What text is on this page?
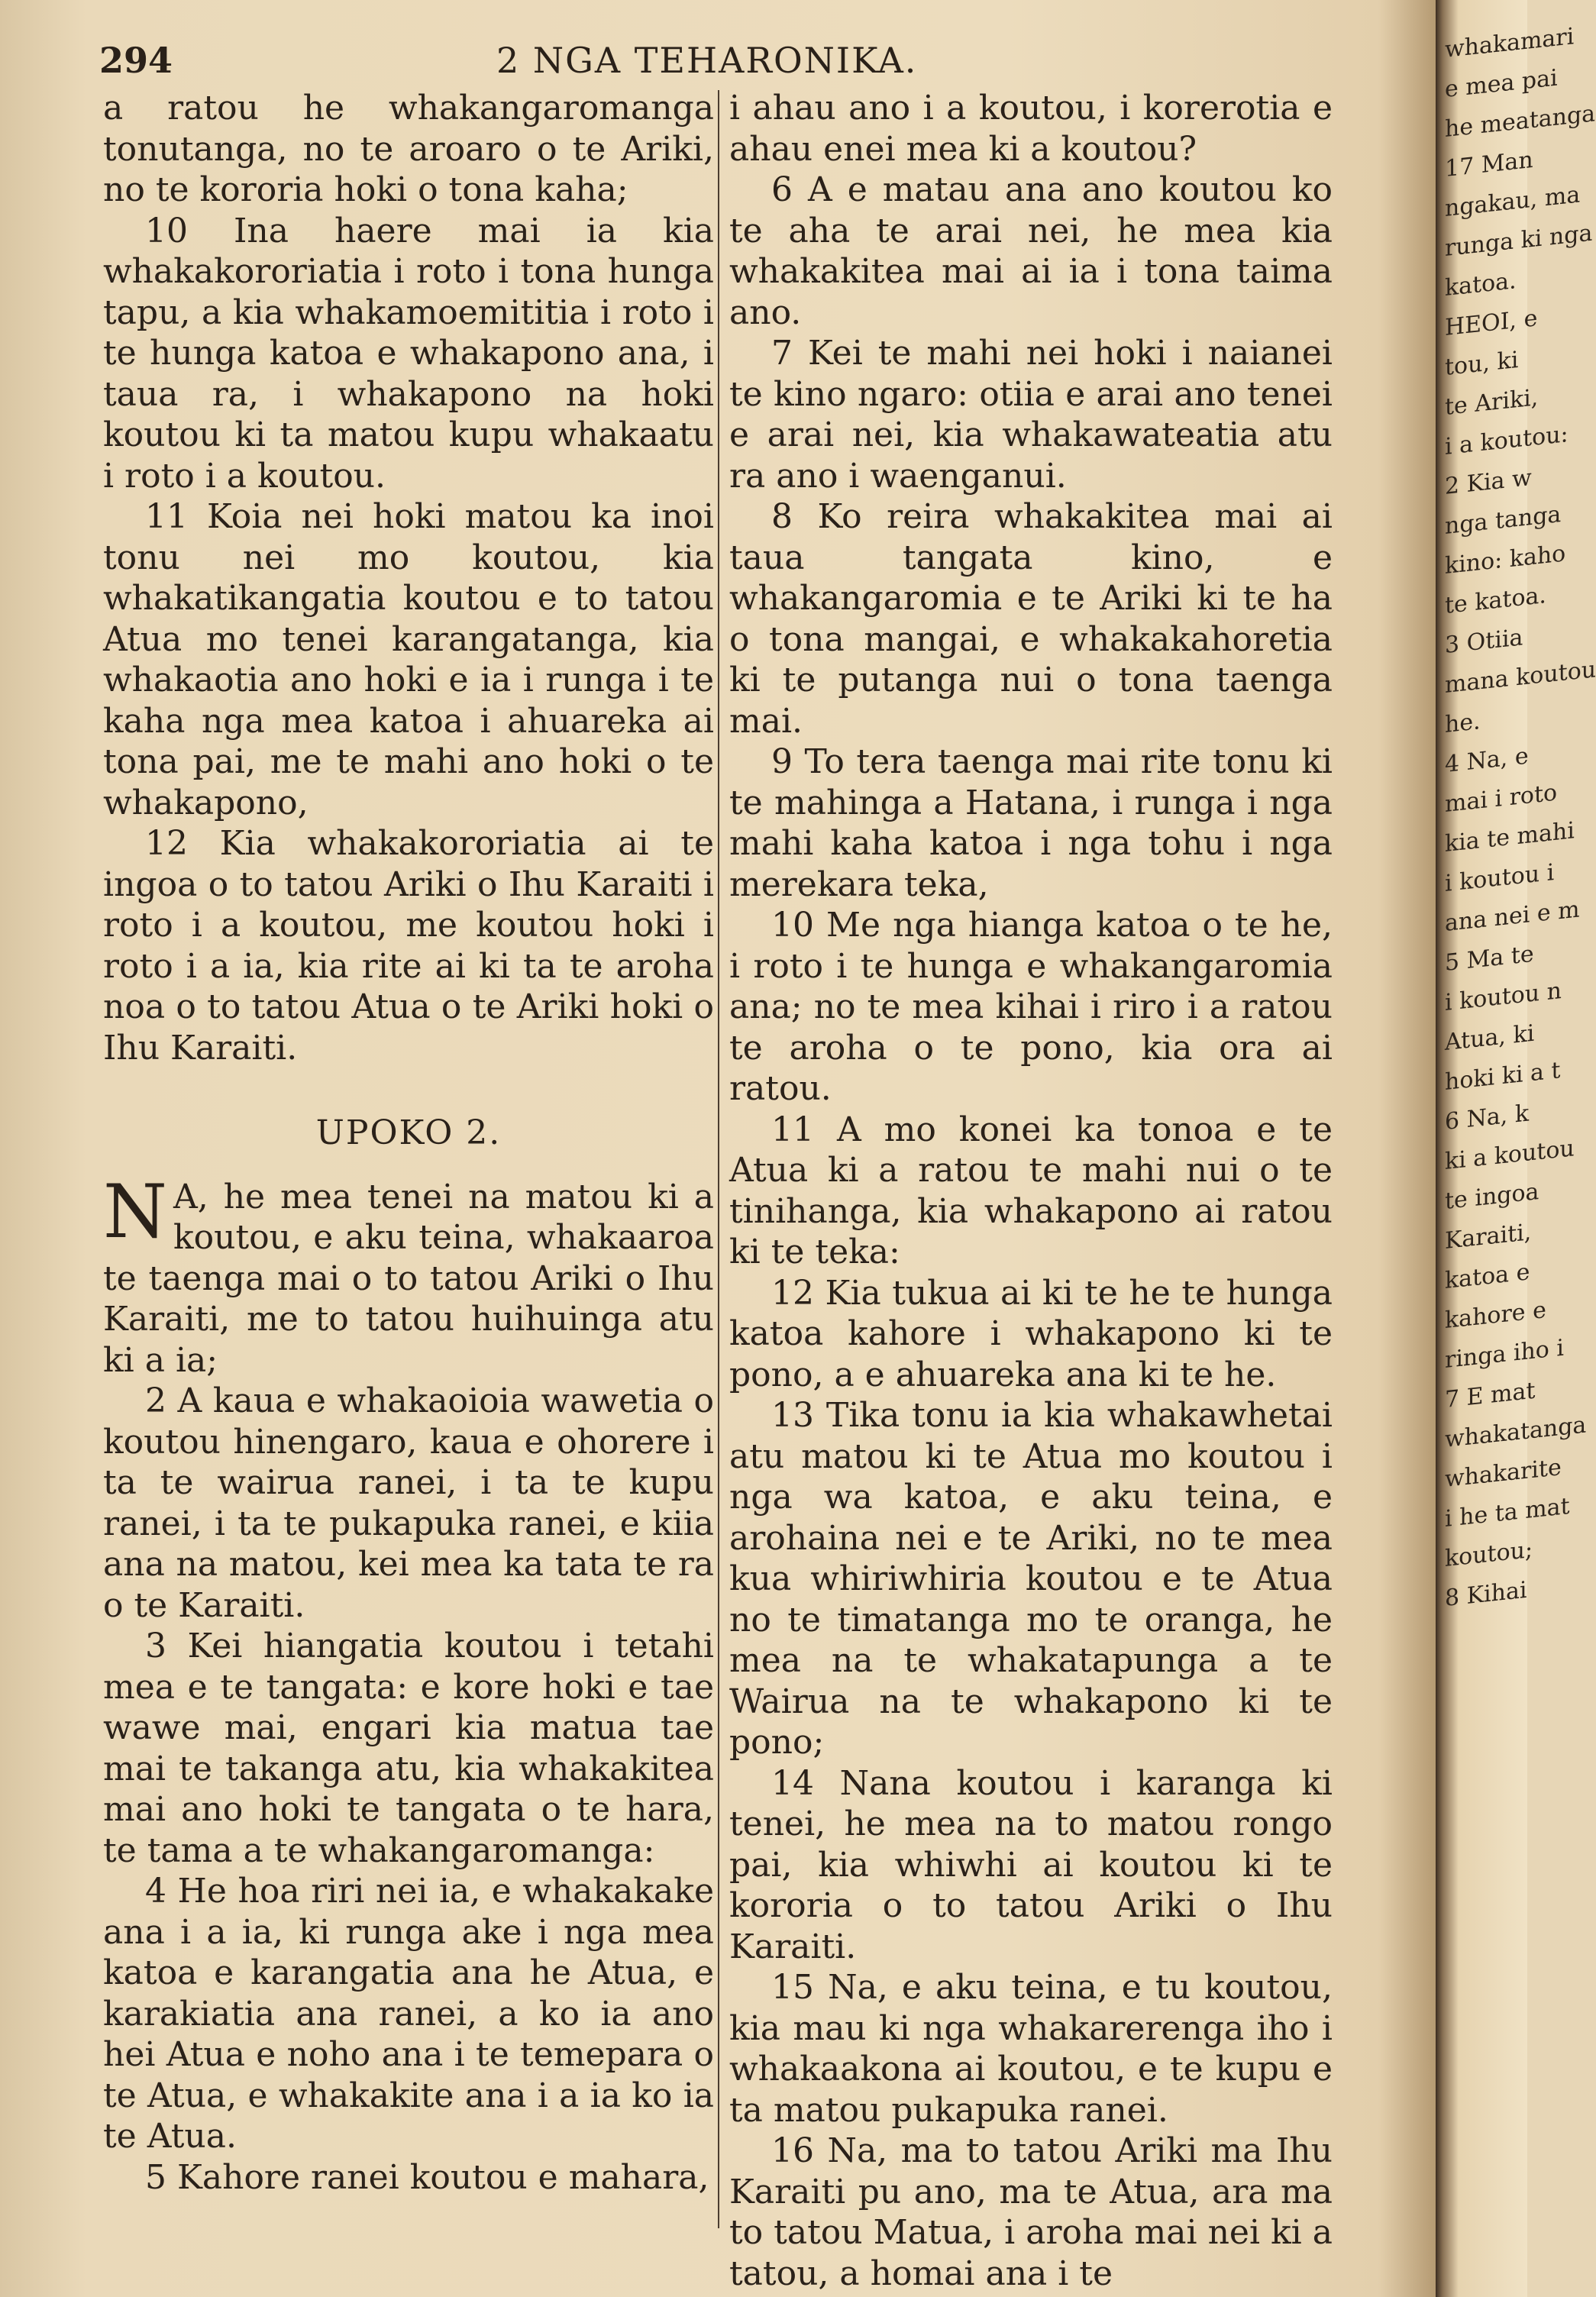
294	2 NGA TEHARONIKA.

a ratou he whakangaromanga tonutanga, no te aroaro o te Ariki, no te kororia hoki o tona kaha;

10 Ina haere mai ia kia whakakororiatia i roto i tona hunga tapu, a kia whakamoemititia i roto i te hunga katoa e whakapono ana, i taua ra, i whakapono na hoki koutou ki ta matou kupu whakaatu i roto i a koutou.

11 Koia nei hoki matou ka inoi tonu nei mo koutou, kia whakatikangatia koutou e to tatou Atua mo tenei karangatanga, kia whakaotia ano hoki e ia i runga i te kaha nga mea katoa i ahuareka ai tona pai, me te mahi ano hoki o te whakapono,

12 Kia whakakororiatia ai te ingoa o to tatou Ariki o Ihu Karaiti i roto i a koutou, me koutou hoki i roto i a ia, kia rite ai ki ta te aroha noa o to tatou Atua o te Ariki hoki o Ihu Karaiti.

UPOKO 2.

N A, he mea tenei na matou ki a koutou, e aku teina, whakaaroa te taenga mai o to tatou Ariki o Ihu Karaiti, me to tatou huihuinga atu ki a ia;

2 A kaua e whakaoioia wawetia o koutou hinengaro, kaua e ohorere i ta te wairua ranei, i ta te kupu ranei, i ta te pukapuka ranei, e kiia ana na matou, kei mea ka tata te ra o te Karaiti.

3 Kei hiangatia koutou i tetahi mea e te tangata: e kore hoki e tae wawe mai, engari kia matua tae mai te takanga atu, kia whakakitea mai ano hoki te tangata o te hara, te tama a te whakangaromanga:

4 He hoa riri nei ia, e whakakake ana i a ia, ki runga ake i nga mea katoa e karangatia ana he Atua, e karakiatia ana ranei, a ko ia ano hei Atua e noho ana i te temepara o te Atua, e whakakite ana i a ia ko ia te Atua.

5 Kahore ranei koutou e mahara,

i ahau ano i a koutou, i korerotia e ahau enei mea ki a koutou?

6 A e matau ana ano koutou ko te aha te arai nei, he mea kia whakakitea mai ai ia i tona taima ano.

7 Kei te mahi nei hoki i naianei te kino ngaro: otiia e arai ano tenei e arai nei, kia whakawateatia atu ra ano i waenganui.

8 Ko reira whakakitea mai ai taua tangata kino, e whakangaromia e te Ariki ki te ha o tona mangai, e whakakahoretia ki te putanga nui o tona taenga mai.

9 To tera taenga mai rite tonu ki te mahinga a Hatana, i runga i nga mahi kaha katoa i nga tohu i nga merekara teka,

10 Me nga hianga katoa o te he, i roto i te hunga e whakangaromia ana; no te mea kihai i riro i a ratou te aroha o te pono, kia ora ai ratou.

11 A mo konei ka tonoa e te Atua ki a ratou te mahi nui o te tinihanga, kia whakapono ai ratou ki te teka:

12 Kia tukua ai ki te he te hunga katoa kahore i whakapono ki te pono, a e ahuareka ana ki te he.

13 Tika tonu ia kia whakawhetai atu matou ki te Atua mo koutou i nga wa katoa, e aku teina, e arohaina nei e te Ariki, no te mea kua whiriwhiria koutou e te Atua no te timatanga mo te oranga, he mea na te whakatapunga a te Wairua na te whakapono ki te pono;

14 Nana koutou i karanga ki tenei, he mea na to matou rongo pai, kia whiwhi ai koutou ki te kororia o to tatou Ariki o Ihu Karaiti.

15 Na, e aku teina, e tu koutou, kia mau ki nga whakarerenga iho i whakaakona ai koutou, e te kupu e ta matou pukapuka ranei.

16 Na, ma to tatou Ariki ma Ihu Karaiti pu ano, ma te Atua, ara ma to tatou Matua, i aroha mai nei ki a tatou, a homai ana i te

whakamari
e mea pai
he meatanga
17 Man
ngakau, ma
runga ki nga
katoa.
HEOI, e
tou, ki
te Ariki,
i a koutou:
2 Kia w
nga tanga
kino: kaho
te katoa.
3 Otiia
mana koutou
he.
4 Na, e
mai i roto
kia te mahi
i koutou i
ana nei e m
5 Ma te
i koutou n
Atua, ki
hoki ki a t
6 Na, k
ki a koutou
te ingoa
Karaiti,
katoa e
kahore e
ringa iho i
7 E mat
whakatanga
whakarite
i he ta mat
koutou;
8 Kihai
